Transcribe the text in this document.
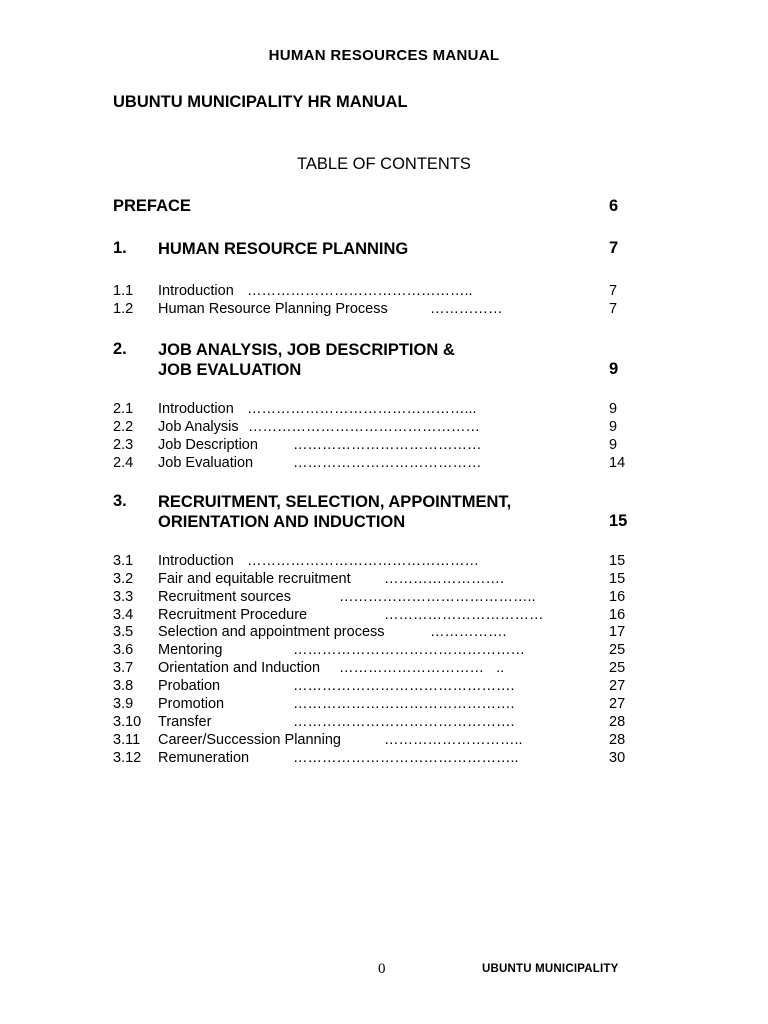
HUMAN RESOURCES MANUAL
UBUNTU MUNICIPALITY HR MANUAL
TABLE OF CONTENTS
PREFACE	6
1. HUMAN RESOURCE PLANNING	7
1.1 Introduction ………………………………………..	7
1.2 Human Resource Planning Process	……………	7
2. JOB ANALYSIS, JOB DESCRIPTION &
JOB EVALUATION	9
2.1 Introduction ………………………………………...	9
2.2 Job Analysis …………………………………………	9
2.3 Job Description …………………………………	9
2.4 Job Evaluation	…………………………………	14
3. RECRUITMENT, SELECTION, APPOINTMENT,
ORIENTATION AND INDUCTION	15
3.1 Introduction …………………………………………	15
3.2 Fair and equitable recruitment …………………….	15
3.3 Recruitment sources	…………………………………..	16
3.4 Recruitment Procedure	……………………………	16
3.5 Selection and appointment process	…………….	17
3.6 Mentoring	…………………………………………	25
3.7 Orientation and Induction …………………………   ..	25
3.8 Probation	……………………………………….	27
3.9 Promotion	……………………………………….	27
3.10 Transfer	……………………………………….	28
3.11 Career/Succession Planning	………………………..	28
3.12 Remuneration	………………………………………..	30
0	UBUNTU MUNICIPALITY
